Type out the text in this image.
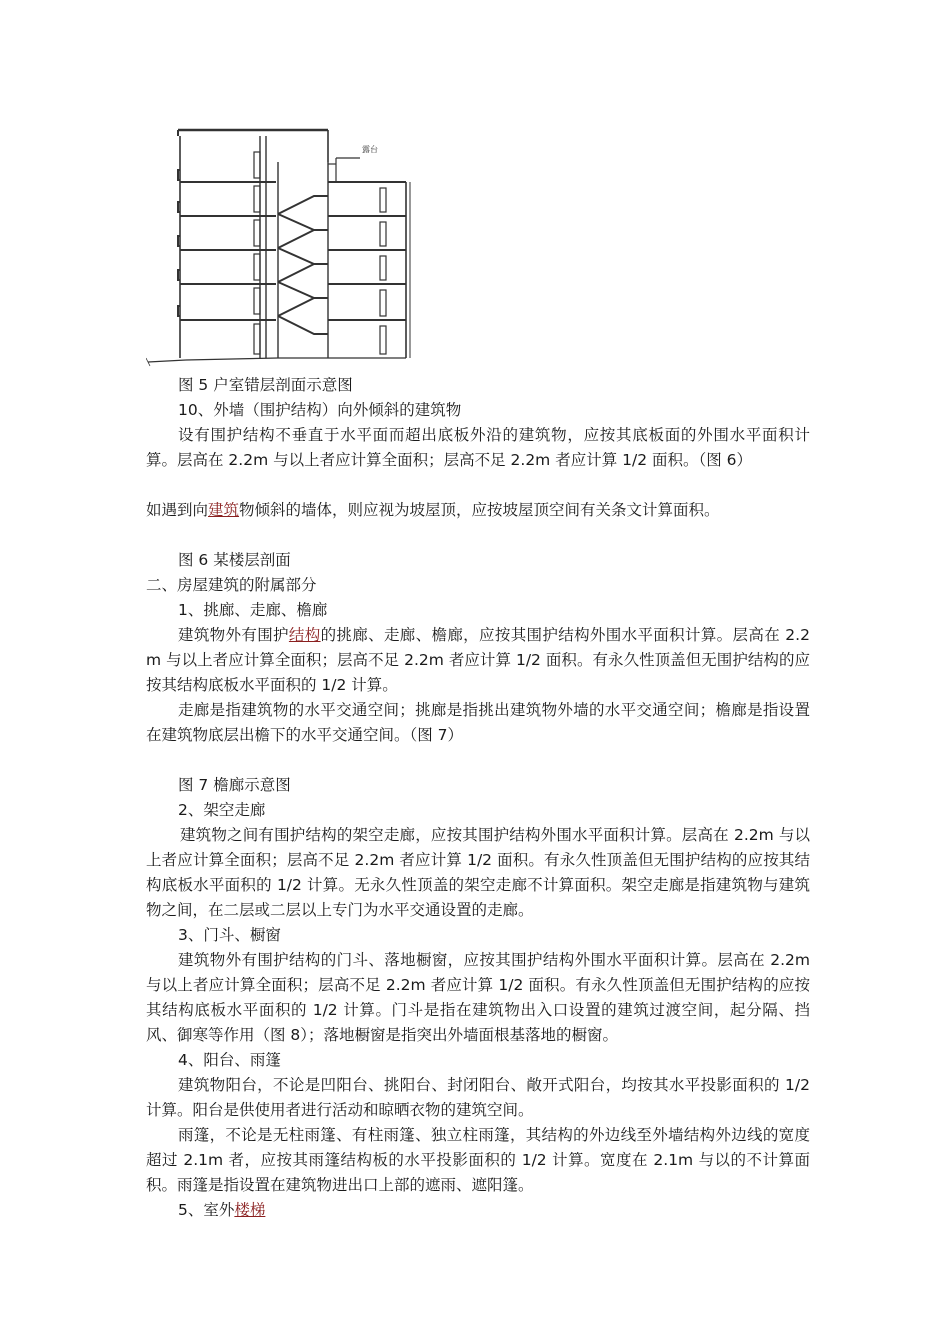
露台
图 5 户室错层剖面示意图
10、外墙（围护结构）向外倾斜的建筑物
设有围护结构不垂直于水平面而超出底板外沿的建筑物，应按其底板面的外围水平面积计算。层高在 2.2m 与以上者应计算全面积；层高不足 2.2m 者应计算 1/2 面积。（图 6）
如遇到向建筑物倾斜的墙体，则应视为坡屋顶，应按坡屋顶空间有关条文计算面积。
图 6 某楼层剖面
二、房屋建筑的附属部分
1、挑廊、走廊、檐廊
建筑物外有围护结构的挑廊、走廊、檐廊，应按其围护结构外围水平面积计算。层高在 2.2m 与以上者应计算全面积；层高不足 2.2m 者应计算 1/2 面积。有永久性顶盖但无围护结构的应按其结构底板水平面积的 1/2 计算。
走廊是指建筑物的水平交通空间；挑廊是指挑出建筑物外墙的水平交通空间；檐廊是指设置在建筑物底层出檐下的水平交通空间。（图 7）
图 7 檐廊示意图
2、架空走廊
建筑物之间有围护结构的架空走廊，应按其围护结构外围水平面积计算。层高在 2.2m 与以上者应计算全面积；层高不足 2.2m 者应计算 1/2 面积。有永久性顶盖但无围护结构的应按其结构底板水平面积的 1/2 计算。无永久性顶盖的架空走廊不计算面积。架空走廊是指建筑物与建筑物之间，在二层或二层以上专门为水平交通设置的走廊。
3、门斗、橱窗
建筑物外有围护结构的门斗、落地橱窗，应按其围护结构外围水平面积计算。层高在 2.2m 与以上者应计算全面积；层高不足 2.2m 者应计算 1/2 面积。有永久性顶盖但无围护结构的应按其结构底板水平面积的 1/2 计算。门斗是指在建筑物出入口设置的建筑过渡空间，起分隔、挡风、御寒等作用（图 8）；落地橱窗是指突出外墙面根基落地的橱窗。
4、阳台、雨篷
建筑物阳台，不论是凹阳台、挑阳台、封闭阳台、敞开式阳台，均按其水平投影面积的 1/2 计算。阳台是供使用者进行活动和晾晒衣物的建筑空间。
雨篷，不论是无柱雨篷、有柱雨篷、独立柱雨篷，其结构的外边线至外墙结构外边线的宽度超过 2.1m 者，应按其雨篷结构板的水平投影面积的 1/2 计算。宽度在 2.1m 与以的不计算面积。雨篷是指设置在建筑物进出口上部的遮雨、遮阳篷。
5、室外楼梯
